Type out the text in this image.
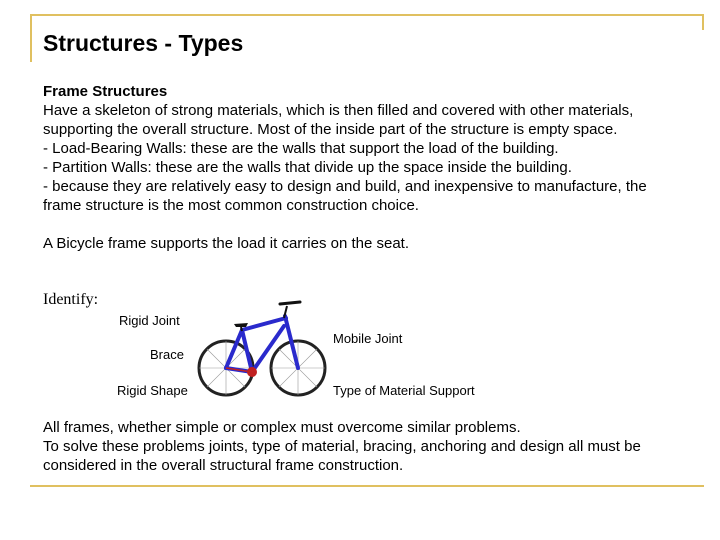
Structures - Types

Frame Structures

Have a skeleton of strong materials, which is then filled and covered with other materials, supporting the overall structure. Most of the inside part of the structure is empty space.

- Load-Bearing Walls: these are the walls that support the load of the building.

- Partition Walls: these are the walls that divide up the space inside the building.

- because they are relatively easy to design and build, and inexpensive to manufacture, the frame structure is the most common construction choice.

A Bicycle frame supports the load it carries on the seat.

Identify:
Rigid Joint
Brace
Rigid Shape
Mobile Joint
Type of Material Support

All frames, whether simple or complex must overcome similar problems.

To solve these problems joints, type of material, bracing, anchoring and design all must be considered in the overall structural frame construction.
